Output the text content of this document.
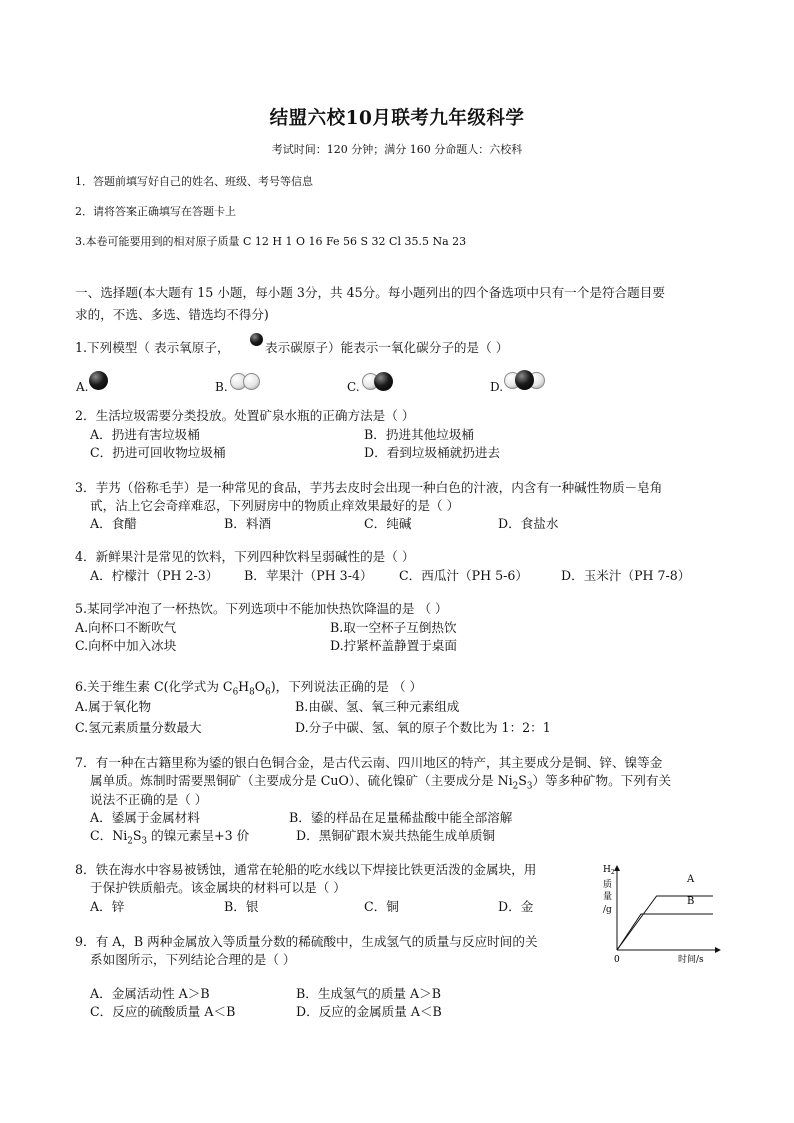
结盟六校10月联考九年级科学
考试时间：120 分钟；满分 160 分命题人：六校科
1．答题前填写好自己的姓名、班级、考号等信息
2．请将答案正确填写在答题卡上
3.本卷可能要用到的相对原子质量 C 12 H 1 O 16 Fe 56 S 32 Cl 35.5 Na 23
一、选择题(本大题有 15 小题，每小题 3分，共 45分。每小题列出的四个备选项中只有一个是符合题目要
求的，不选、多选、错选均不得分)
1.下列模型（ 表示氧原子，	表示碳原子）能表示一氧化碳分子的是（ ）
A.	B.	C.	D.
2．生活垃圾需要分类投放。处置矿泉水瓶的正确方法是（ ）
A．扔进有害垃圾桶	B．扔进其他垃圾桶
C．扔进可回收物垃圾桶	D．看到垃圾桶就扔进去
3．芋艿（俗称毛芋）是一种常见的食品，芋艿去皮时会出现一种白色的汁液，内含有一种碱性物质－皂角
甙，沾上它会奇痒难忍，下列厨房中的物质止痒效果最好的是（ ）
A．食醋	B．料酒	C．纯碱	D．食盐水
4．新鲜果汁是常见的饮料，下列四种饮料呈弱碱性的是（ ）
A．柠檬汁（PH 2-3） B．苹果汁（PH 3-4） C．西瓜汁（PH 5-6）	D．玉米汁（PH 7-8）
5.某同学冲泡了一杯热饮。下列选项中不能加快热饮降温的是 （ ）
A.向杯口不断吹气	B.取一空杯子互倒热饮
C.向杯中加入冰块	D.拧紧杯盖静置于桌面
6.关于维生素 C(化学式为 $C_6H_8O_6$)，下列说法正确的是 （ ）
A.属于氧化物	B.由碳、氢、氧三种元素组成
C.氢元素质量分数最大	D.分子中碳、氢、氧的原子个数比为 1：2：1
7．有一种在古籍里称为鋈的银白色铜合金，是古代云南、四川地区的特产，其主要成分是铜、锌、镍等金
属单质。炼制时需要黑铜矿（主要成分是 CuO）、硫化镍矿（主要成分是 $Ni_2S_3$）等多种矿物。下列有关
说法不正确的是（ ）
A．鋈属于金属材料	B．鋈的样品在足量稀盐酸中能全部溶解
C．$Ni_2S_3$ 的镍元素呈+3 价	D．黑铜矿跟木炭共热能生成单质铜
8．铁在海水中容易被锈蚀，通常在轮船的吃水线以下焊接比铁更活泼的金属块，用
于保护铁质船壳。该金属块的材料可以是（ ）
A．锌	B．银	C．铜	D．金
9．有 A，B 两种金属放入等质量分数的稀硫酸中，生成氢气的质量与反应时间的关
系如图所示，下列结论合理的是（ ）
A．金属活动性 A＞B	B．生成氢气的质量 A＞B
C．反应的硫酸质量 A＜B	D．反应的金属质量 A＜B
$H_2$
质
量
/g
0	时间/s
A
B
